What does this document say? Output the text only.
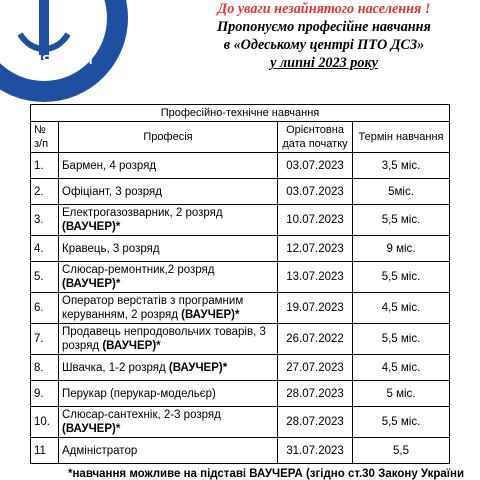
ЗАЙНЯТОСТІ
До уваги незайнятого населення !
Пропонуємо професійне навчання
в «Одеському центрі ПТО ДСЗ»
у липні 2023 року
Професійно-технічне навчання			
№ з/п	Професія	Орієнтовна дата початку	Термін навчання
1.	Бармен, 4 розряд	03.07.2023	3,5 міс.
2.	Офіціант, 3 розряд	03.07.2023	5міс.
3.	Електрогазозварник, 2 розряд (ВАУЧЕР)*	10.07.2023	5,5 міс.
4.	Кравець, 3 розряд	12.07.2023	9 міс.
5.	Слюсар-ремонтник,2 розряд (ВАУЧЕР)*	13.07.2023	5,5 міс.
6.	Оператор верстатів з програмним керуванням, 2 розряд (ВАУЧЕР)*	19.07.2023	4,5 міс.
7.	Продавець непродовольчих товарів, 3 розряд (ВАУЧЕР)*	26.07.2022	5,5 міс.
8.	Швачка, 1-2 розряд (ВАУЧЕР)*	27.07.2023	4,5 міс.
9.	Перукар (перукар-модельєр)	28.07.2023	5 міс.
10.	Слюсар-сантехнік, 2-3 розряд (ВАУЧЕР)*	28.07.2023	5,5 міс.
11	Адміністратор	31.07.2023	5,5
*навчання можливе на підставі ВАУЧЕРА (згідно ст.30 Закону України
